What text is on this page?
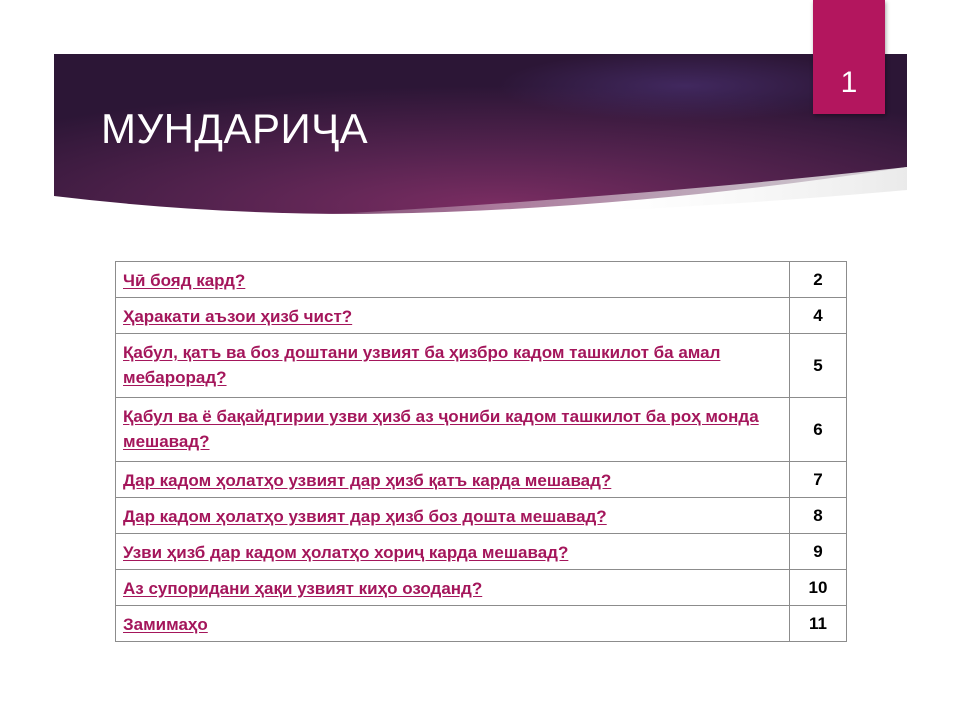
МУНДАРИҶА
1
Чӣ бояд кард?	2
Ҳаракати аъзои ҳизб чист?	4
Қабул, қатъ ва боз доштани узвият ба ҳизбро кадом ташкилот ба амал мебарорад?	5
Қабул ва ё бақайдгирии узви ҳизб аз ҷониби кадом ташкилот ба роҳ монда мешавад?	6
Дар кадом ҳолатҳо узвият дар ҳизб қатъ карда мешавад?	7
Дар кадом ҳолатҳо узвият дар ҳизб боз дошта мешавад?	8
Узви ҳизб дар кадом ҳолатҳо хориҷ карда мешавад?	9
Аз супоридани ҳақи узвият киҳо озоданд?	10
Замимаҳо	11
